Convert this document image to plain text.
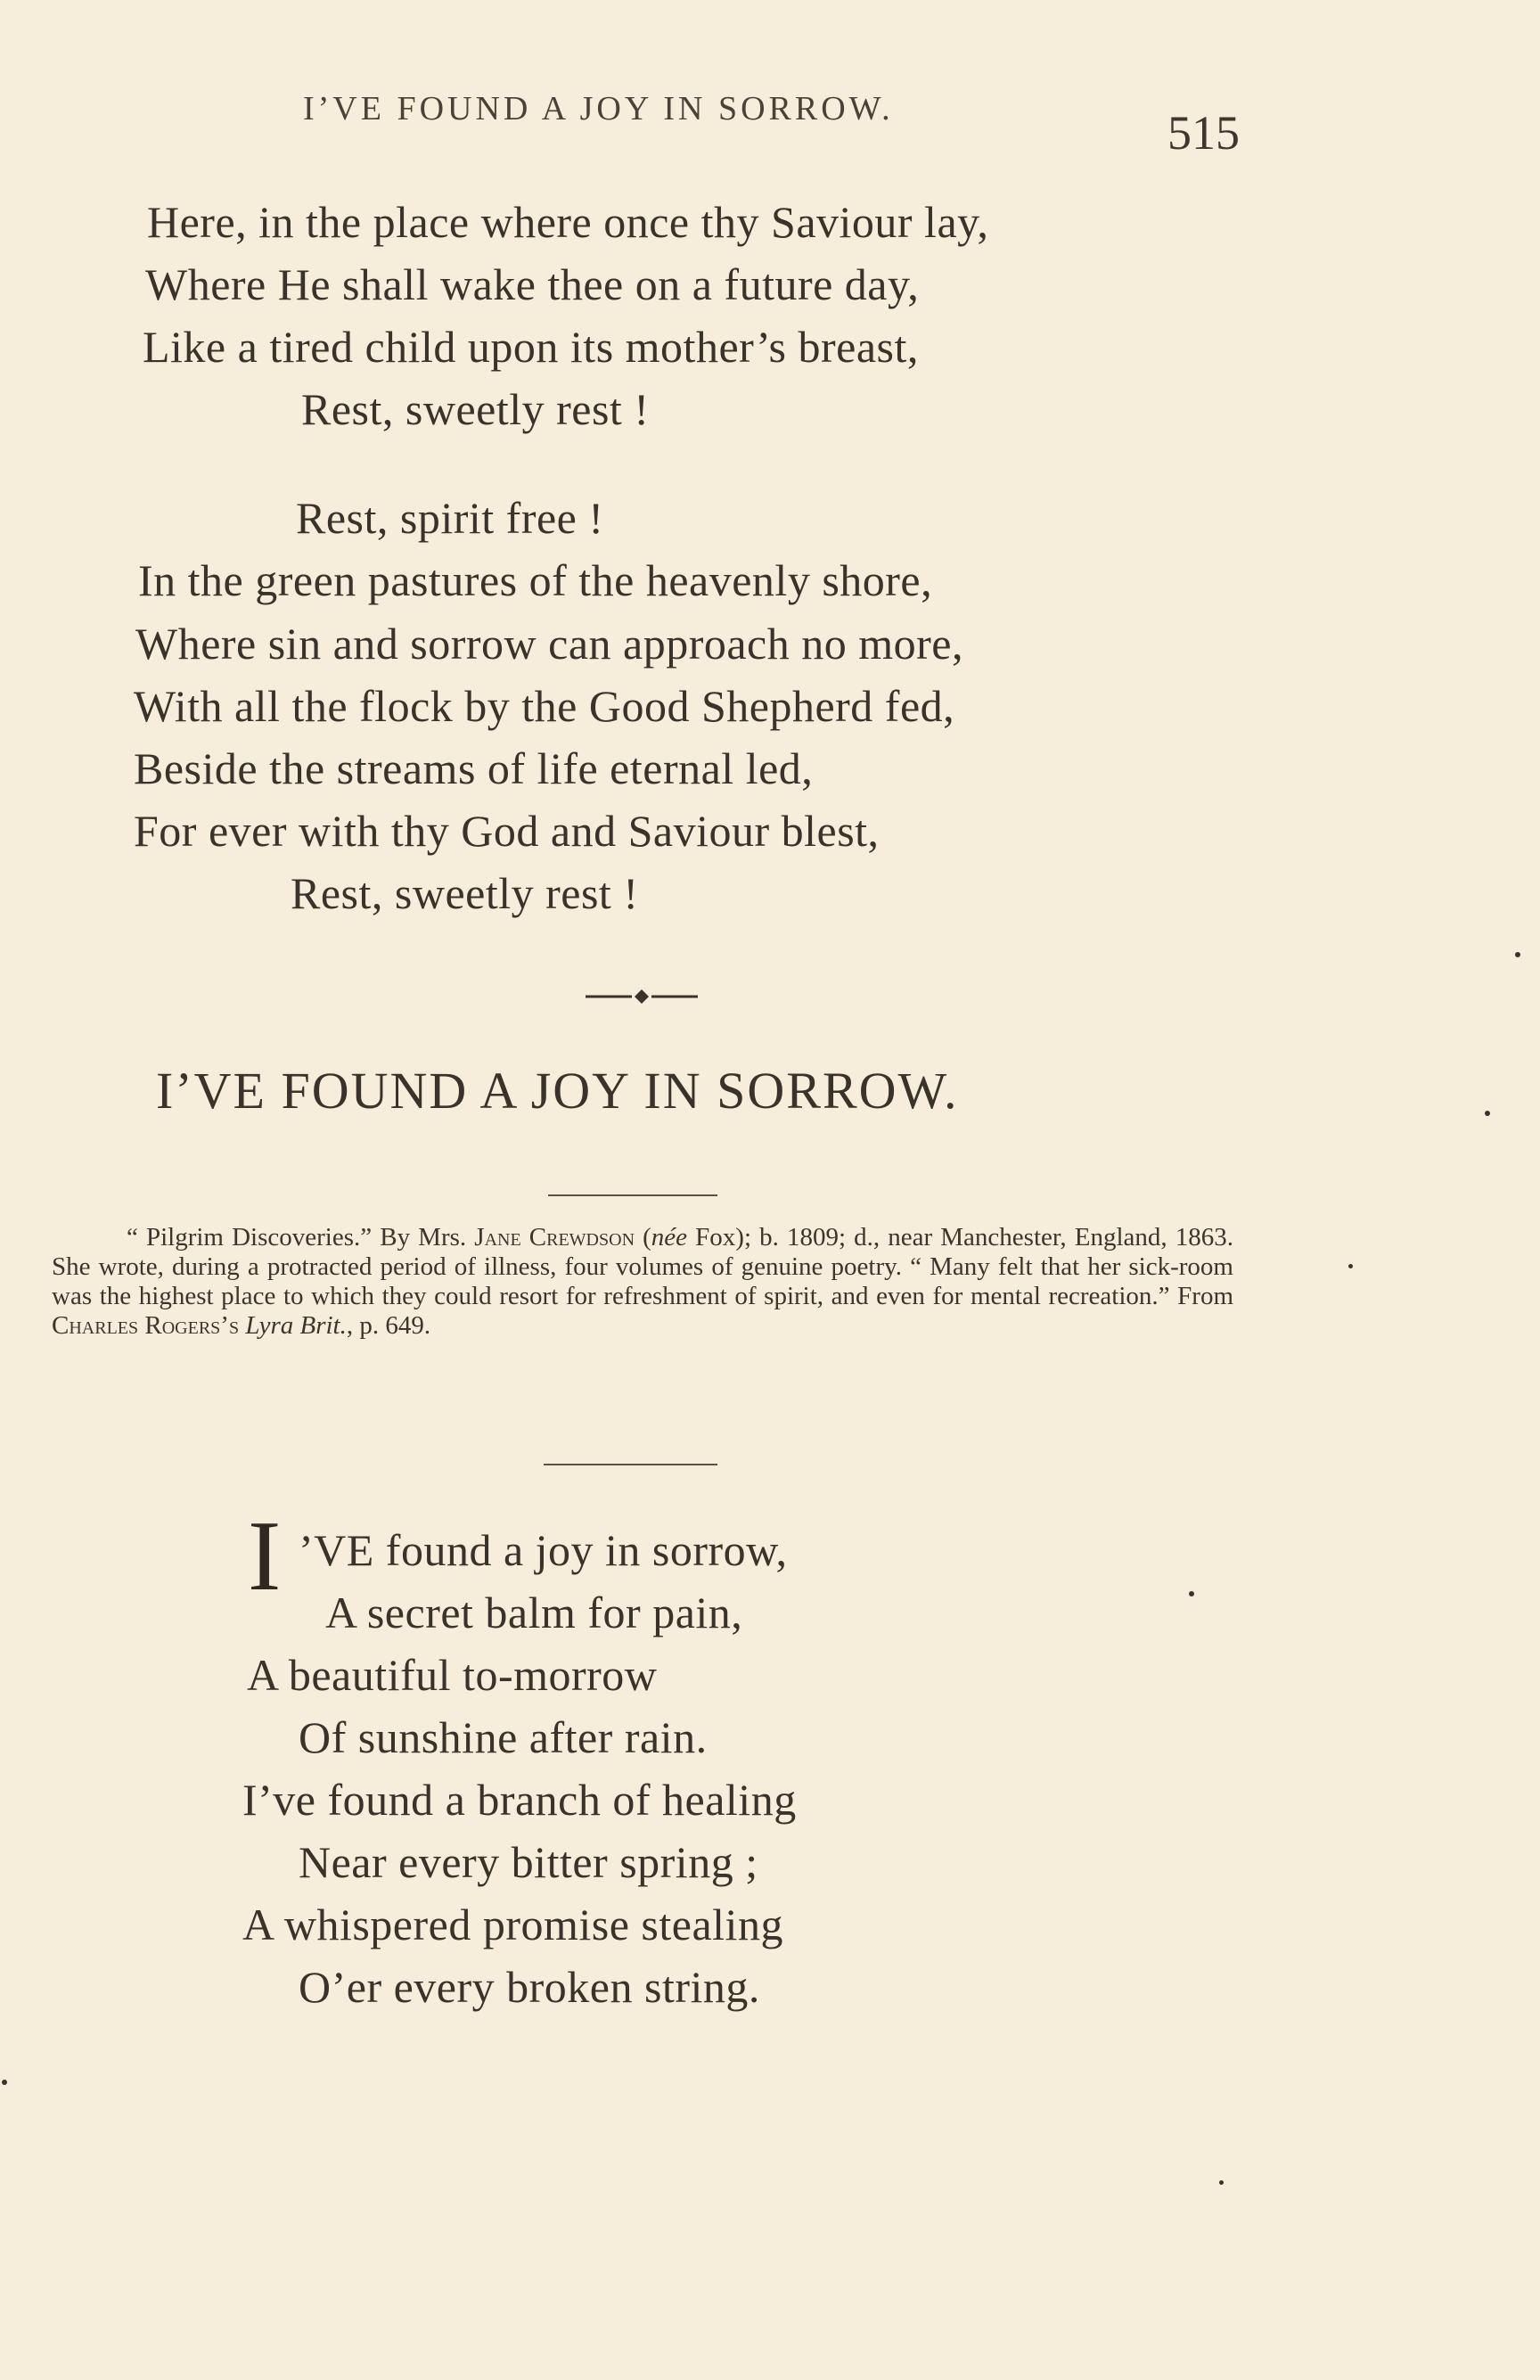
I’VE FOUND A JOY IN SORROW.	515
Here, in the place where once thy Saviour lay,
Where He shall wake thee on a future day,
Like a tired child upon its mother’s breast,
Rest, sweetly rest !
Rest, spirit free !
In the green pastures of the heavenly shore,
Where sin and sorrow can approach no more,
With all the flock by the Good Shepherd fed,
Beside the streams of life eternal led,
For ever with thy God and Saviour blest,
Rest, sweetly rest !
I’VE FOUND A JOY IN SORROW.

“ Pilgrim Discoveries.” By Mrs. Jane Crewdson (née Fox); b. 1809; d., near Manchester, England, 1863. She wrote, during a protracted period of illness, four volumes of genuine poetry. “ Many felt that her sick-room was the highest place to which they could resort for refreshment of spirit, and even for mental recreation.” From Charles Rogers’s Lyra Brit., p. 649.

I ’VE found a joy in sorrow,
A secret balm for pain,
A beautiful to-morrow
Of sunshine after rain.
I’ve found a branch of healing
Near every bitter spring ;
A whispered promise stealing
O’er every broken string.
